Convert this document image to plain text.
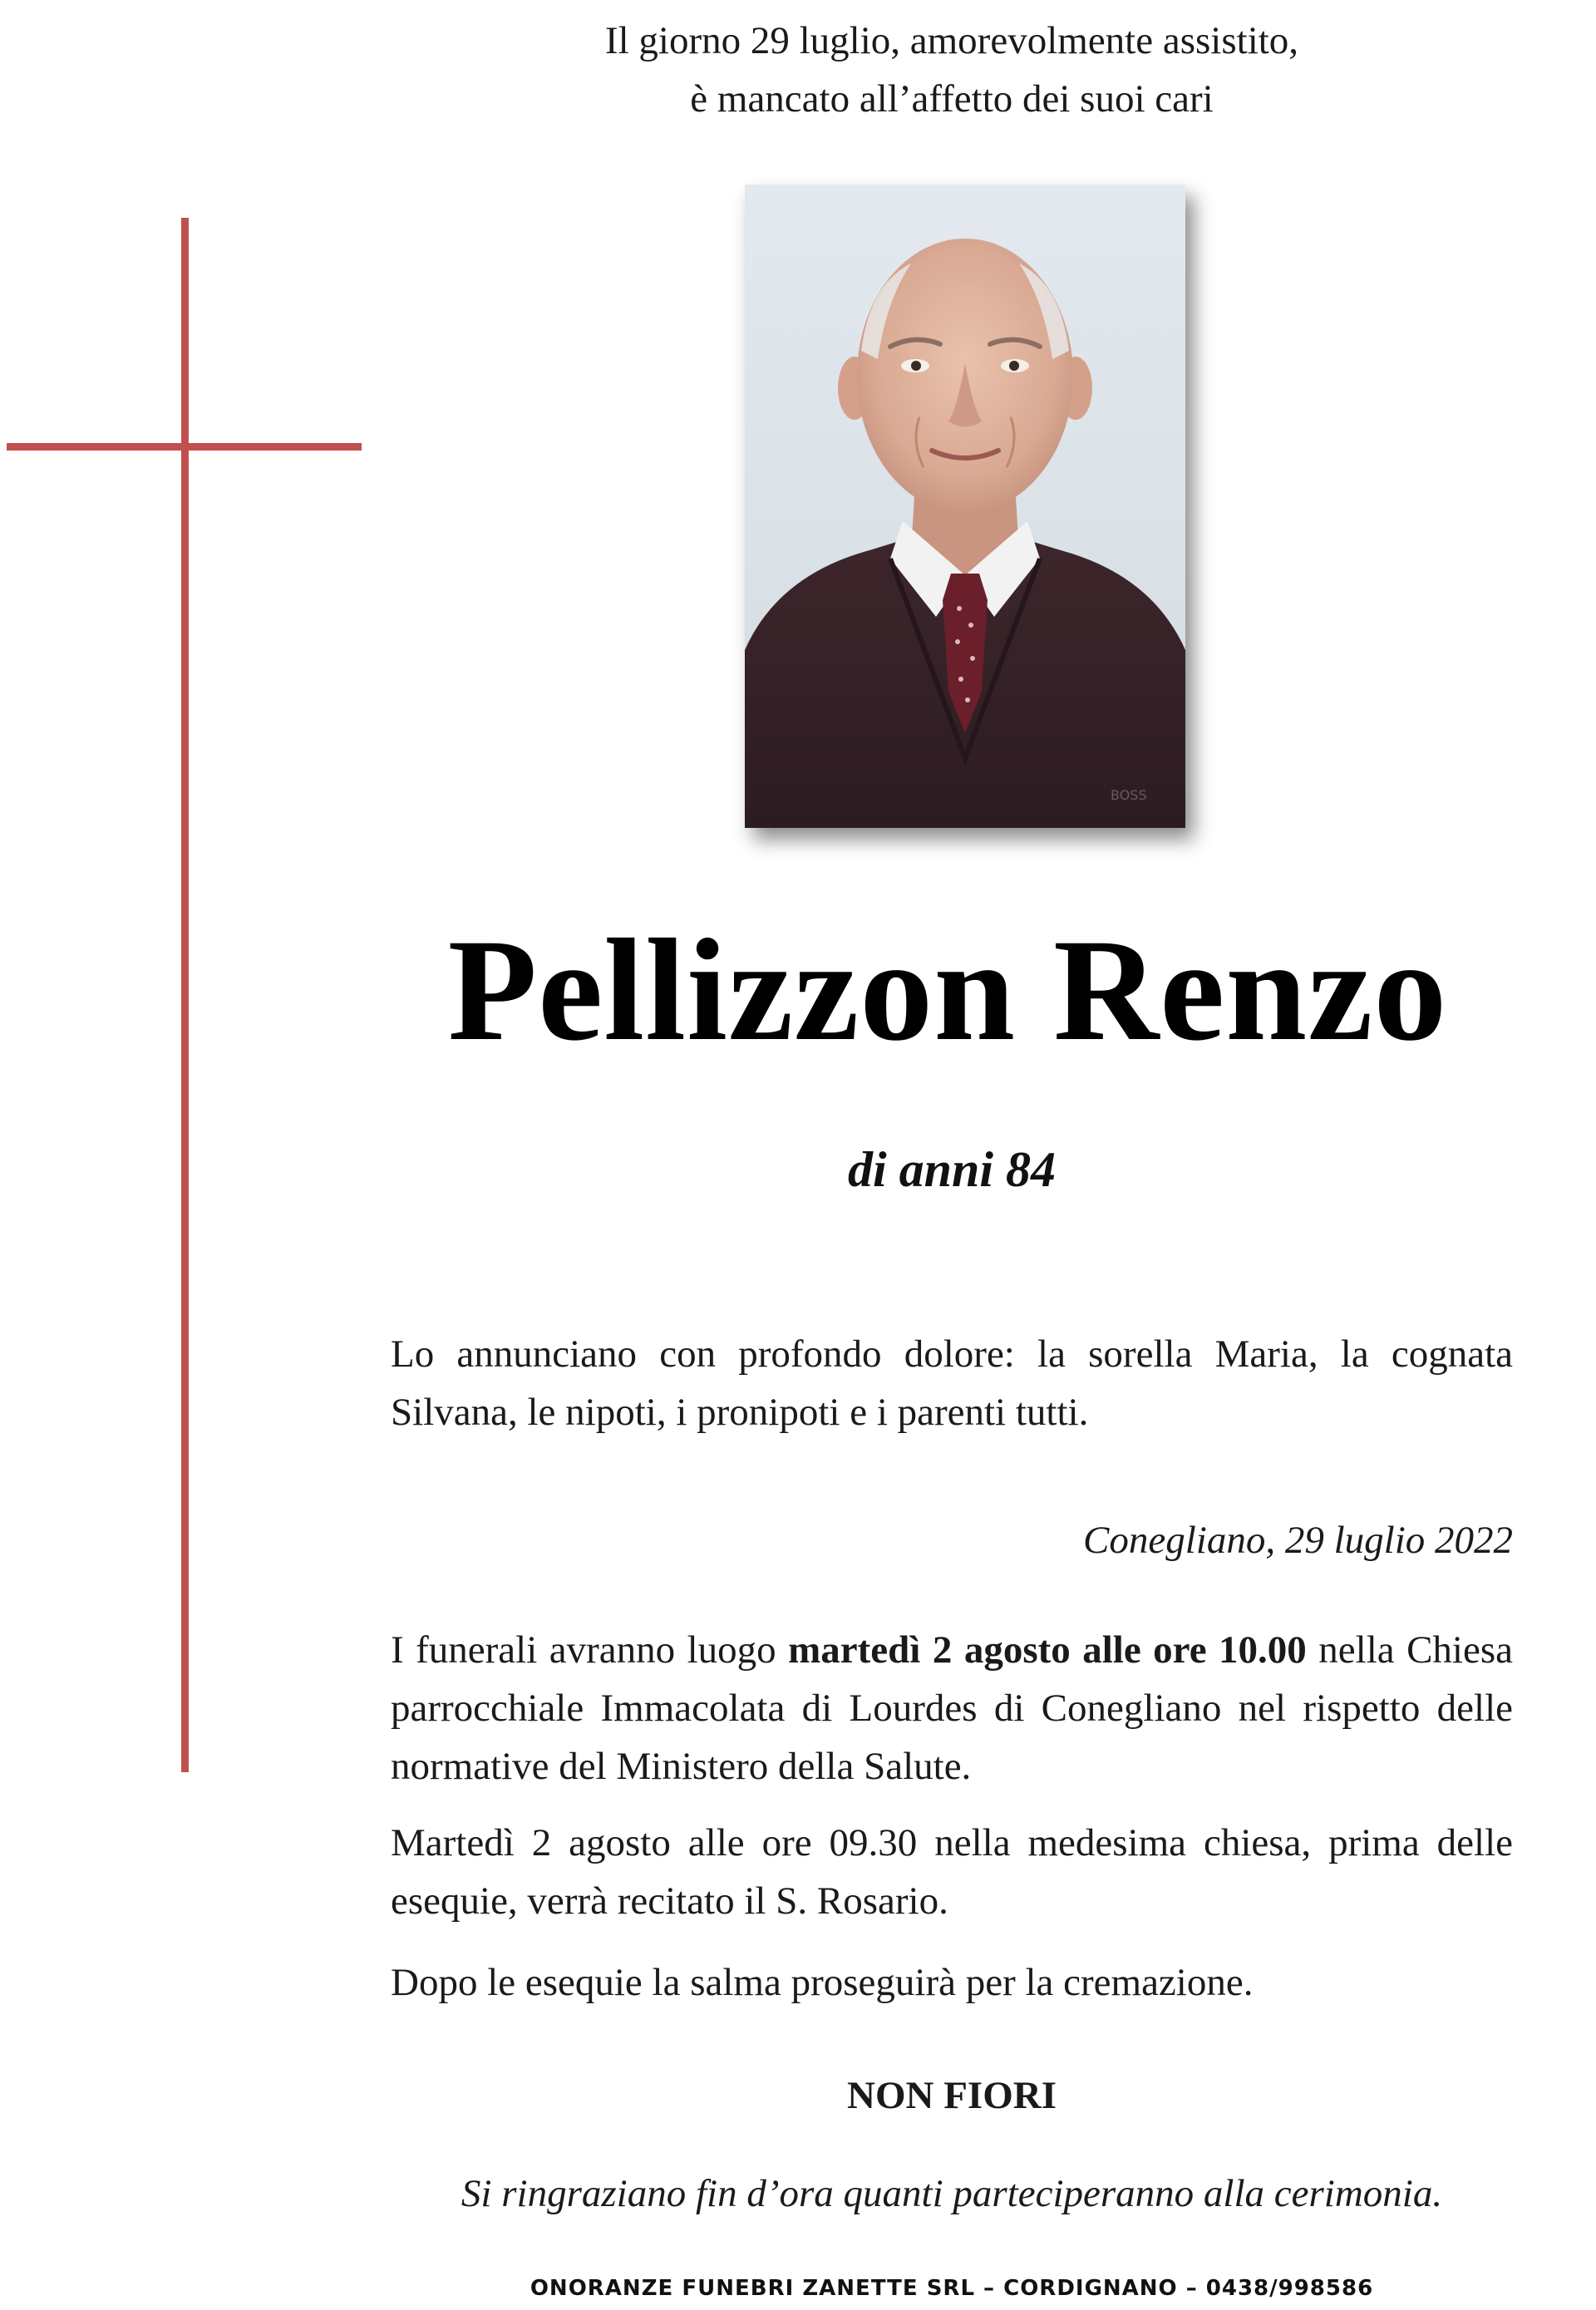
Il giorno 29 luglio, amorevolmente assistito,
è mancato all’affetto dei suoi cari
BOSS
Pellizzon Renzo
di anni 84
Lo annunciano con profondo dolore: la sorella Maria, la cognata Silvana, le nipoti, i pronipoti e i parenti tutti.
Conegliano, 29 luglio 2022
I funerali avranno luogo martedì 2 agosto alle ore 10.00 nella Chiesa parrocchiale Immacolata di Lourdes di Conegliano nel rispetto delle normative del Ministero della Salute.
Martedì 2 agosto alle ore 09.30 nella medesima chiesa, prima delle esequie, verrà recitato il S. Rosario.
Dopo le esequie la salma proseguirà per la cremazione.
NON FIORI
Si ringraziano fin d’ora quanti parteciperanno alla cerimonia.
ONORANZE FUNEBRI ZANETTE SRL – CORDIGNANO – 0438/998586
